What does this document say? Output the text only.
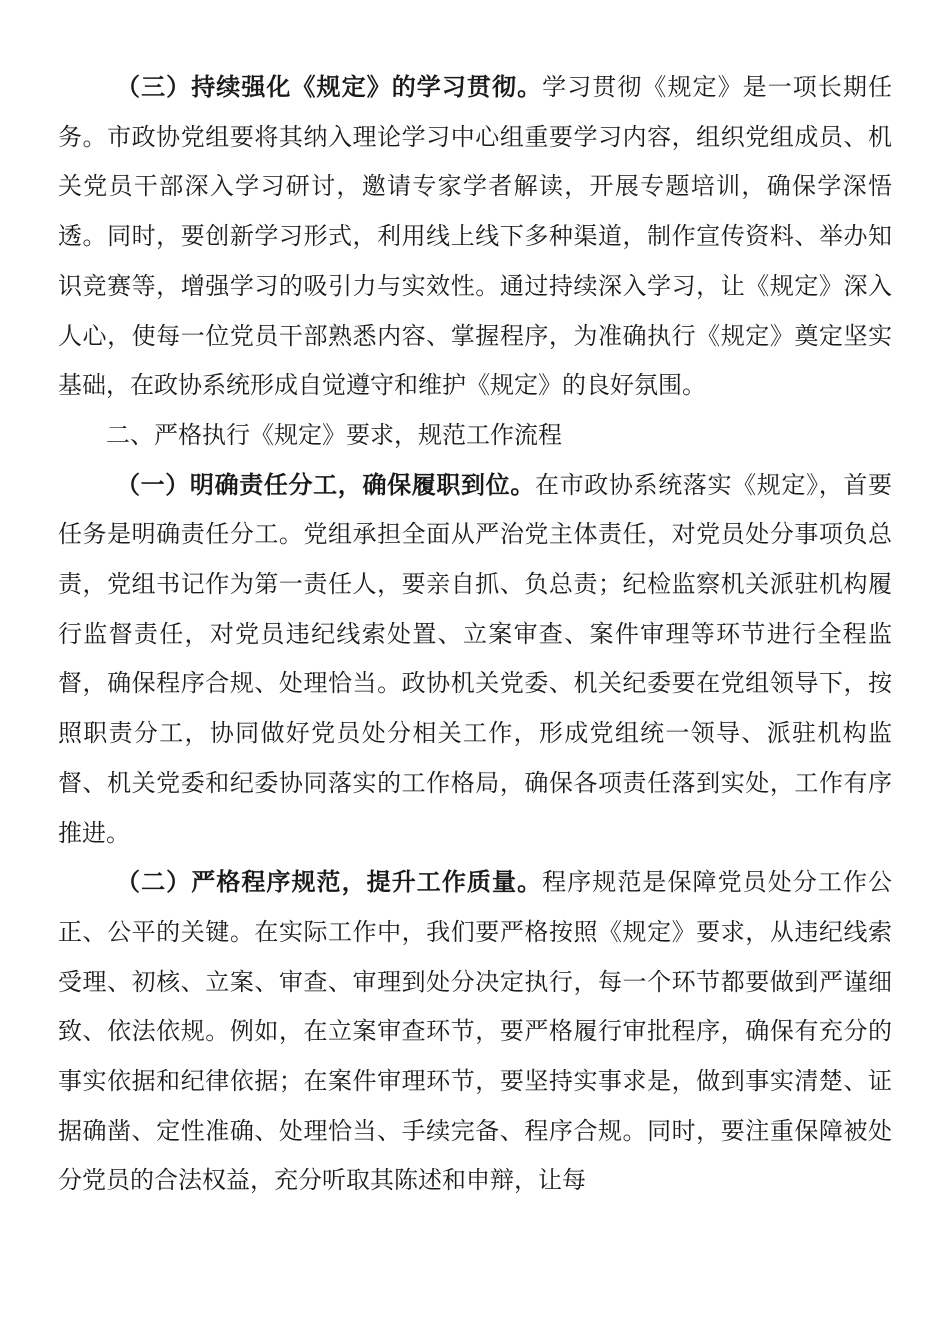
（三）持续强化《规定》的学习贯彻。学习贯彻《规定》是一项长期任务。市政协党组要将其纳入理论学习中心组重要学习内容，组织党组成员、机关党员干部深入学习研讨，邀请专家学者解读，开展专题培训，确保学深悟透。同时，要创新学习形式，利用线上线下多种渠道，制作宣传资料、举办知识竞赛等，增强学习的吸引力与实效性。通过持续深入学习，让《规定》深入人心，使每一位党员干部熟悉内容、掌握程序，为准确执行《规定》奠定坚实基础，在政协系统形成自觉遵守和维护《规定》的良好氛围。

二、严格执行《规定》要求，规范工作流程

（一）明确责任分工，确保履职到位。在市政协系统落实《规定》，首要任务是明确责任分工。党组承担全面从严治党主体责任，对党员处分事项负总责，党组书记作为第一责任人，要亲自抓、负总责；纪检监察机关派驻机构履行监督责任，对党员违纪线索处置、立案审查、案件审理等环节进行全程监督，确保程序合规、处理恰当。政协机关党委、机关纪委要在党组领导下，按照职责分工，协同做好党员处分相关工作，形成党组统一领导、派驻机构监督、机关党委和纪委协同落实的工作格局，确保各项责任落到实处，工作有序推进。

（二）严格程序规范，提升工作质量。程序规范是保障党员处分工作公正、公平的关键。在实际工作中，我们要严格按照《规定》要求，从违纪线索受理、初核、立案、审查、审理到处分决定执行，每一个环节都要做到严谨细致、依法依规。例如，在立案审查环节，要严格履行审批程序，确保有充分的事实依据和纪律依据；在案件审理环节，要坚持实事求是，做到事实清楚、证据确凿、定性准确、处理恰当、手续完备、程序合规。同时，要注重保障被处分党员的合法权益，充分听取其陈述和申辩，让每
